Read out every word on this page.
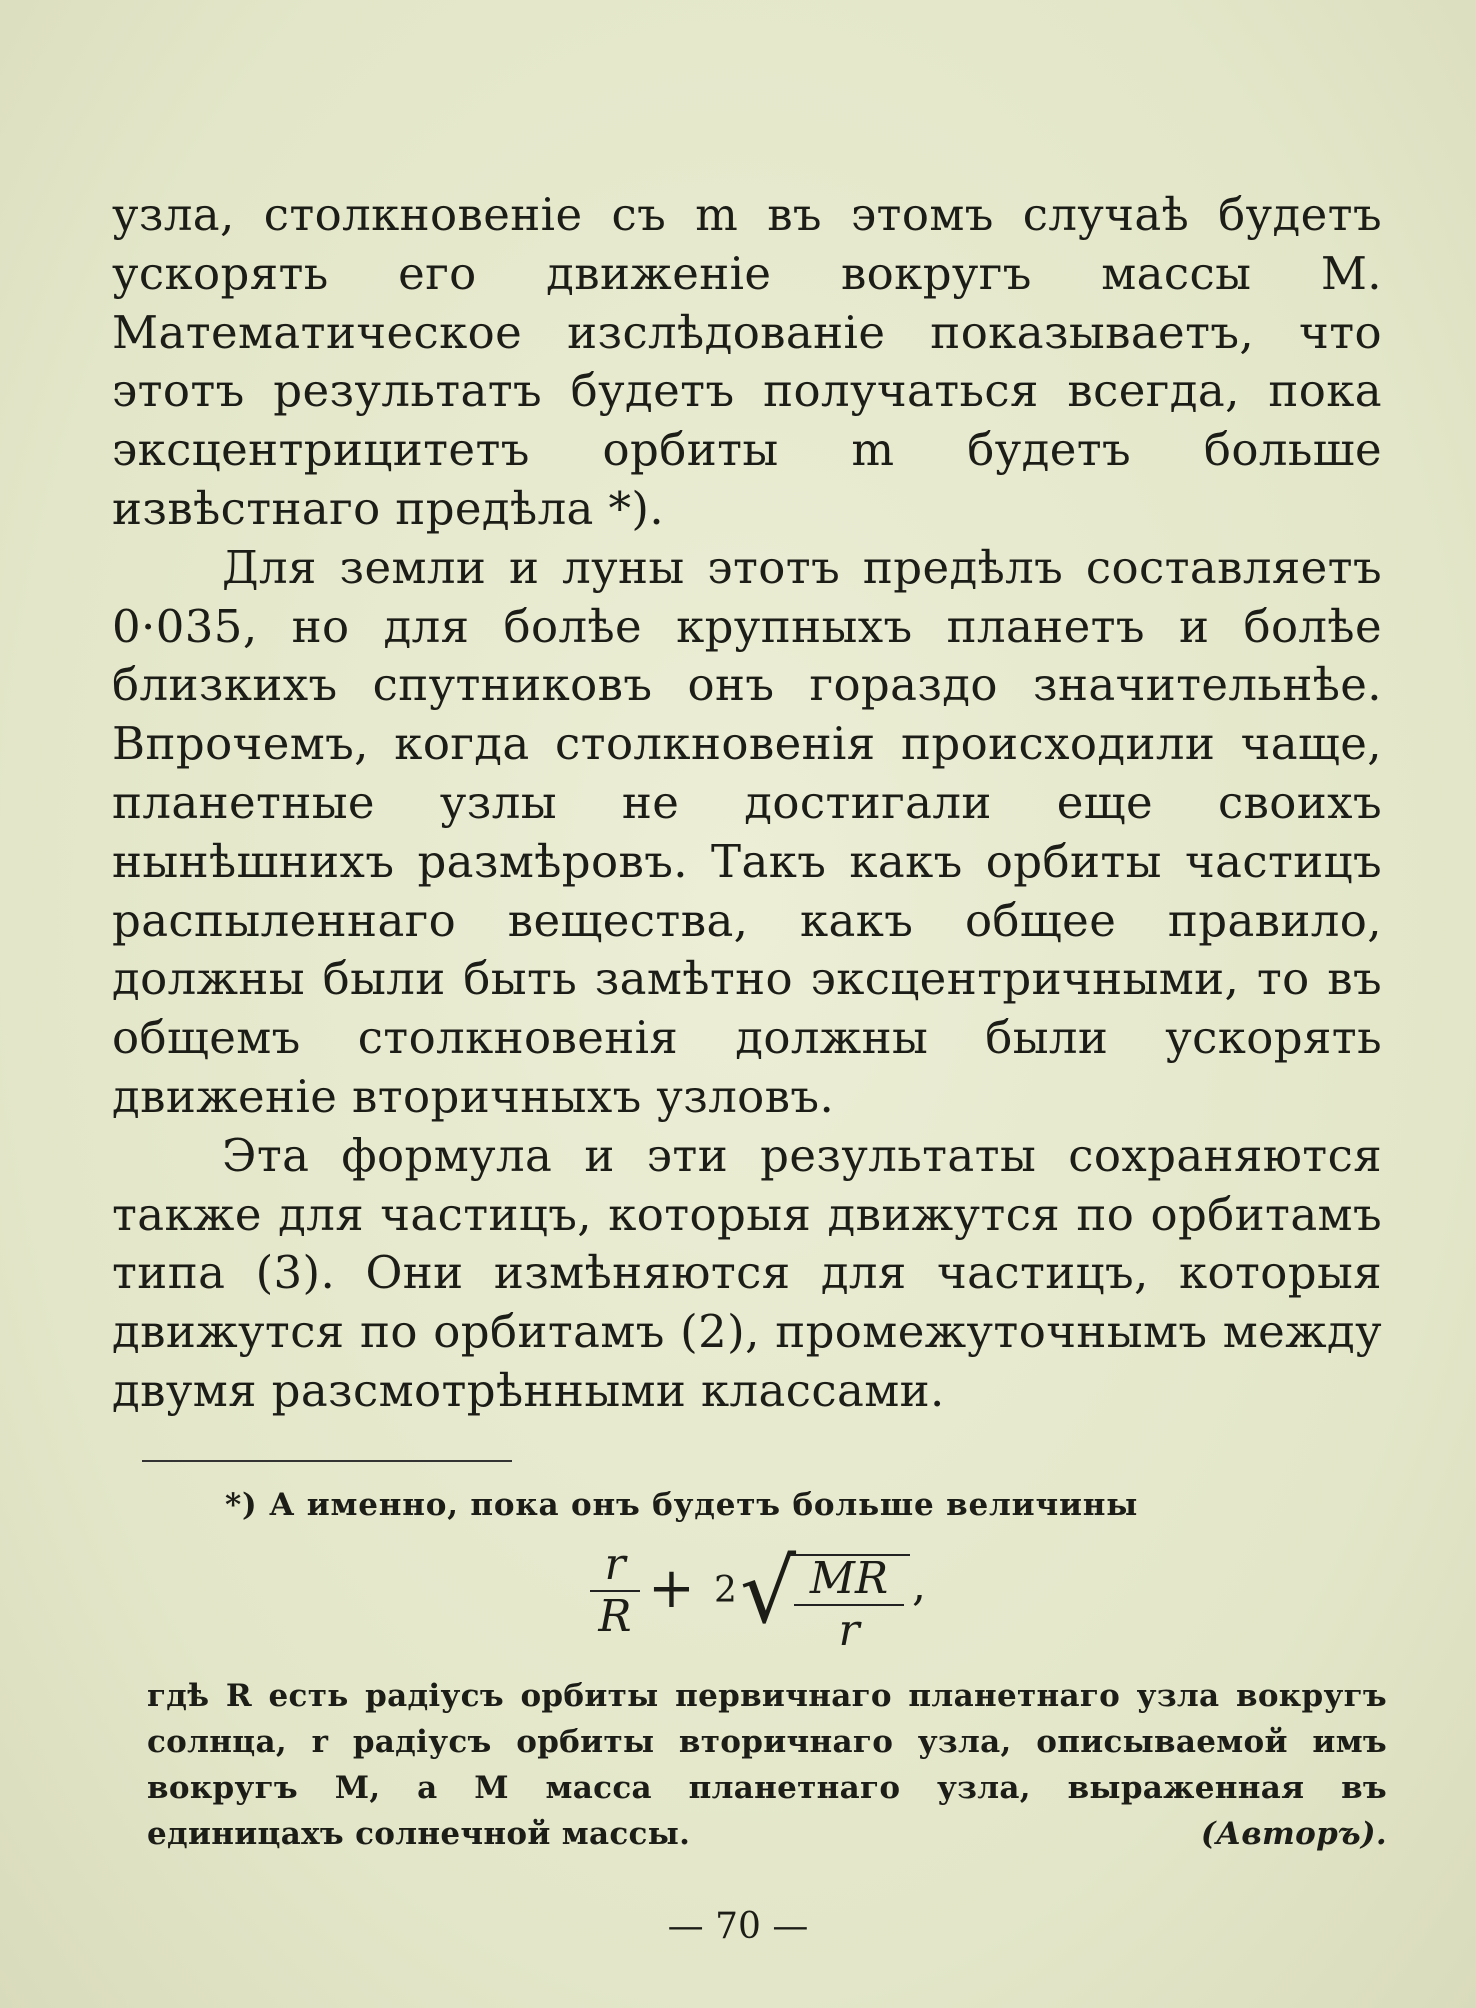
узла, столкновенiе съ m въ этомъ случаѣ будетъ ускорять его движенiе вокругъ массы M. Математическое изслѣдованiе показываетъ, что этотъ результатъ будетъ получаться всегда, пока эксцентрицитетъ орбиты m будетъ больше извѣстнаго предѣла *).

Для земли и луны этотъ предѣлъ составляетъ 0·035, но для болѣе крупныхъ планетъ и болѣе близкихъ спутниковъ онъ гораздо значительнѣе. Впрочемъ, когда столкновенiя происходили чаще, планетные узлы не достигали еще своихъ нынѣшнихъ размѣровъ. Такъ какъ орбиты частицъ распыленнаго вещества, какъ общее правило, должны были быть замѣтно эксцентричными, то въ общемъ столкновенiя должны были ускорять движенiе вторичныхъ узловъ.

Эта формула и эти результаты сохраняются также для частицъ, которыя движутся по орбитамъ типа (3). Они измѣняются для частицъ, которыя движутся по орбитамъ (2), промежуточнымъ между двумя разсмотрѣнными классами.

*) А именно, пока онъ будетъ больше величины
r
R + 2 √ MR
r
,
гдѣ R есть радiусъ орбиты первичнаго планетнаго узла вокругъ солнца, r радiусъ орбиты вторичнаго узла, описываемой имъ вокругъ M, а M масса планетнаго узла, выраженная въ единицахъ солнечной массы.	(Авторъ).
— 70 —
